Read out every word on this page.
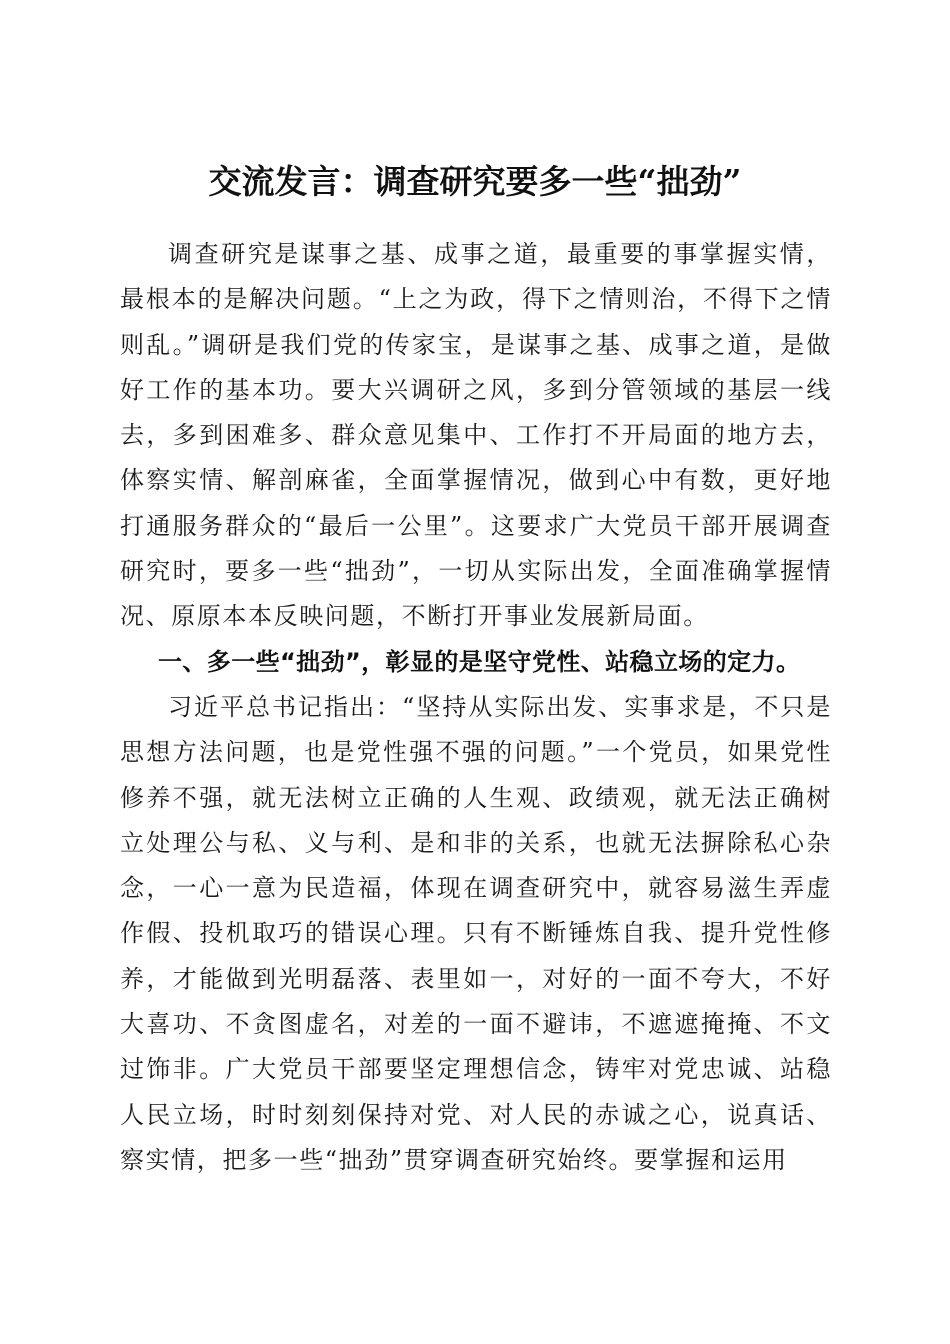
交流发言：调查研究要多一些“拙劲”

调查研究是谋事之基、成事之道，最重要的事掌握实情，最根本的是解决问题。“上之为政，得下之情则治，不得下之情则乱。”调研是我们党的传家宝，是谋事之基、成事之道，是做好工作的基本功。要大兴调研之风，多到分管领域的基层一线去，多到困难多、群众意见集中、工作打不开局面的地方去，体察实情、解剖麻雀，全面掌握情况，做到心中有数，更好地打通服务群众的“最后一公里”。这要求广大党员干部开展调查研究时，要多一些“拙劲”，一切从实际出发，全面准确掌握情况、原原本本反映问题，不断打开事业发展新局面。

一、多一些“拙劲”，彰显的是坚守党性、站稳立场的定力。

习近平总书记指出：“坚持从实际出发、实事求是，不只是思想方法问题，也是党性强不强的问题。”一个党员，如果党性修养不强，就无法树立正确的人生观、政绩观，就无法正确树立处理公与私、义与利、是和非的关系，也就无法摒除私心杂念，一心一意为民造福，体现在调查研究中，就容易滋生弄虚作假、投机取巧的错误心理。只有不断锤炼自我、提升党性修养，才能做到光明磊落、表里如一，对好的一面不夸大，不好大喜功、不贪图虚名，对差的一面不避讳，不遮遮掩掩、不文过饰非。广大党员干部要坚定理想信念，铸牢对党忠诚、站稳人民立场，时时刻刻保持对党、对人民的赤诚之心，说真话、察实情，把多一些“拙劲”贯穿调查研究始终。要掌握和运用
